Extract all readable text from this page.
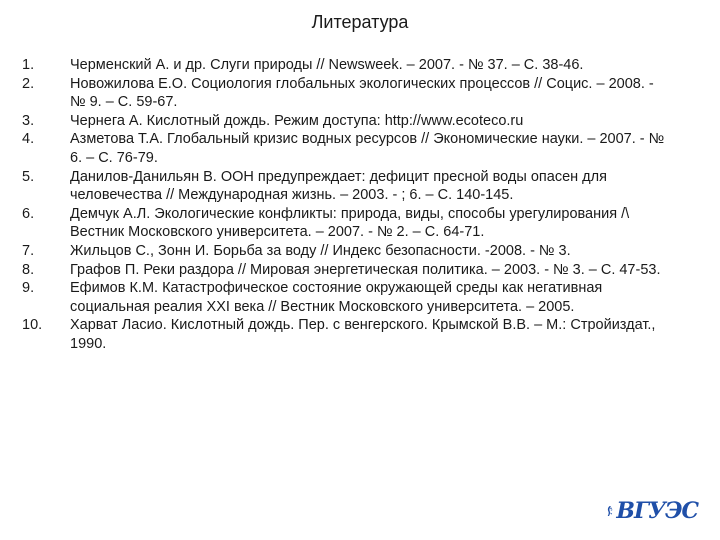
Литература
1.	Черменский А. и др. Слуги природы // Newsweek. – 2007. - № 37. – С. 38-46.
2.	Новожилова Е.О. Социология глобальных экологических процессов // Социс. – 2008. - № 9. – С. 59-67.
3.	Чернега А. Кислотный дождь. Режим доступа: http://www.ecoteco.ru
4.	Азметова Т.А. Глобальный кризис водных ресурсов // Экономические науки. – 2007. - № 6. – С. 76-79.
5.	Данилов-Данильян В. ООН предупреждает: дефицит пресной воды опасен для человечества // Международная жизнь. – 2003. - ; 6. – С. 140-145.
6.	Демчук А.Л. Экологические конфликты: природа, виды, способы урегулирования /\ Вестник Московского университета. – 2007. - № 2. – С. 64-71.
7.	Жильцов С., Зонн И. Борьба за воду // Индекс безопасности. -2008. - № 3.
8.	Графов П. Реки раздора // Мировая энергетическая политика. – 2003. - № 3. – С. 47-53.
9.	Ефимов К.М. Катастрофическое состояние окружающей среды как негативная социальная реалия XXI века // Вестник Московского университета. – 2005.
10.	Харват Ласио. Кислотный дождь. Пер. с венгерского. Крымской В.В. – М.: Стройиздат., 1990.
ВГУЭС
